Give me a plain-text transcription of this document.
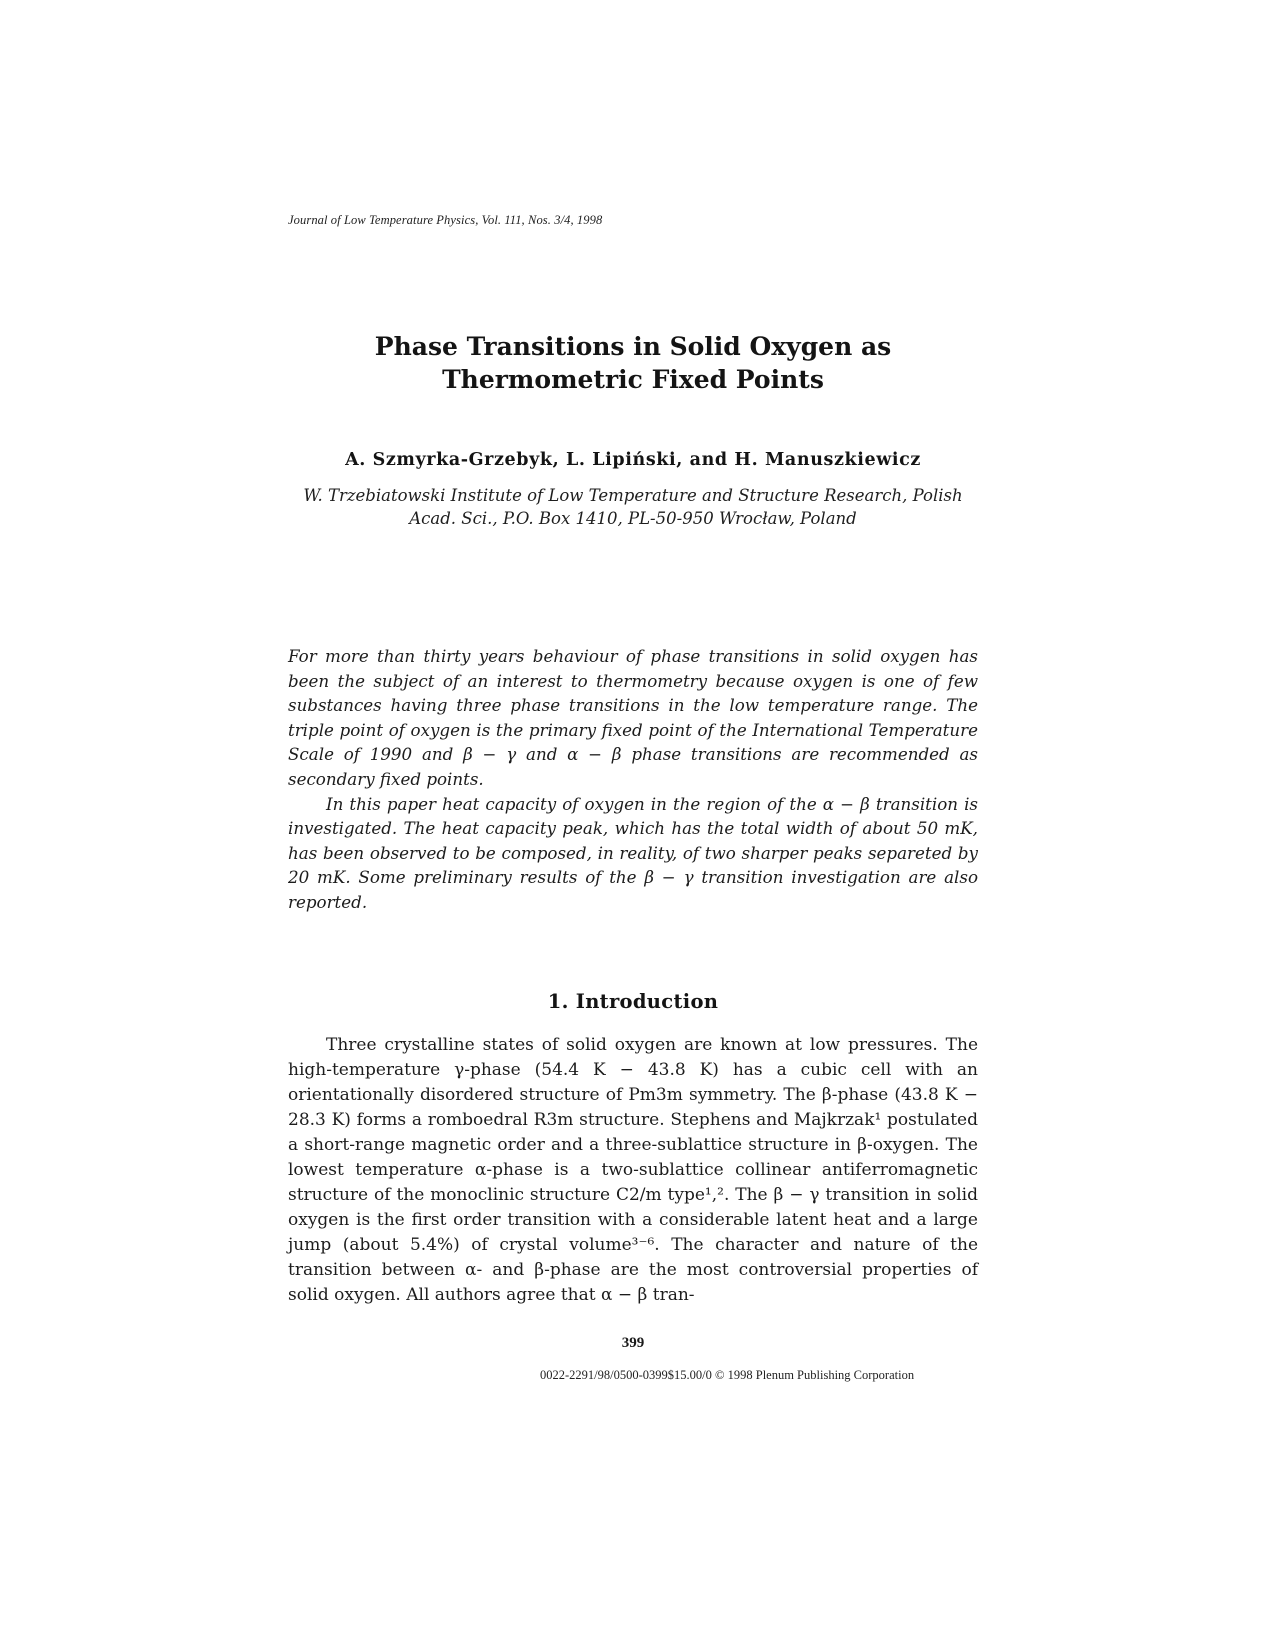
Journal of Low Temperature Physics, Vol. 111, Nos. 3/4, 1998
Phase Transitions in Solid Oxygen as
Thermometric Fixed Points
A. Szmyrka-Grzebyk, L. Lipiński, and H. Manuszkiewicz
W. Trzebiatowski Institute of Low Temperature and Structure Research, Polish
Acad. Sci., P.O. Box 1410, PL-50-950 Wrocław, Poland

For more than thirty years behaviour of phase transitions in solid oxygen has been the subject of an interest to thermometry because oxygen is one of few substances having three phase transitions in the low temperature range. The triple point of oxygen is the primary fixed point of the International Temperature Scale of 1990 and β − γ and α − β phase transitions are recommended as secondary fixed points.

In this paper heat capacity of oxygen in the region of the α − β transition is investigated. The heat capacity peak, which has the total width of about 50 mK, has been observed to be composed, in reality, of two sharper peaks separeted by 20 mK. Some preliminary results of the β − γ transition investigation are also reported.

1. Introduction

Three crystalline states of solid oxygen are known at low pressures. The high-temperature γ-phase (54.4 K − 43.8 K) has a cubic cell with an orientationally disordered structure of Pm3m symmetry. The β-phase (43.8 K − 28.3 K) forms a romboedral R3m structure. Stephens and Majkrzak¹ postulated a short-range magnetic order and a three-sublattice structure in β-oxygen. The lowest temperature α-phase is a two-sublattice collinear antiferromagnetic structure of the monoclinic structure C2/m type¹,². The β − γ transition in solid oxygen is the first order transition with a considerable latent heat and a large jump (about 5.4%) of crystal volume³⁻⁶. The character and nature of the transition between α- and β-phase are the most controversial properties of solid oxygen. All authors agree that α − β tran-

399
0022-2291/98/0500-0399$15.00/0 © 1998 Plenum Publishing Corporation
